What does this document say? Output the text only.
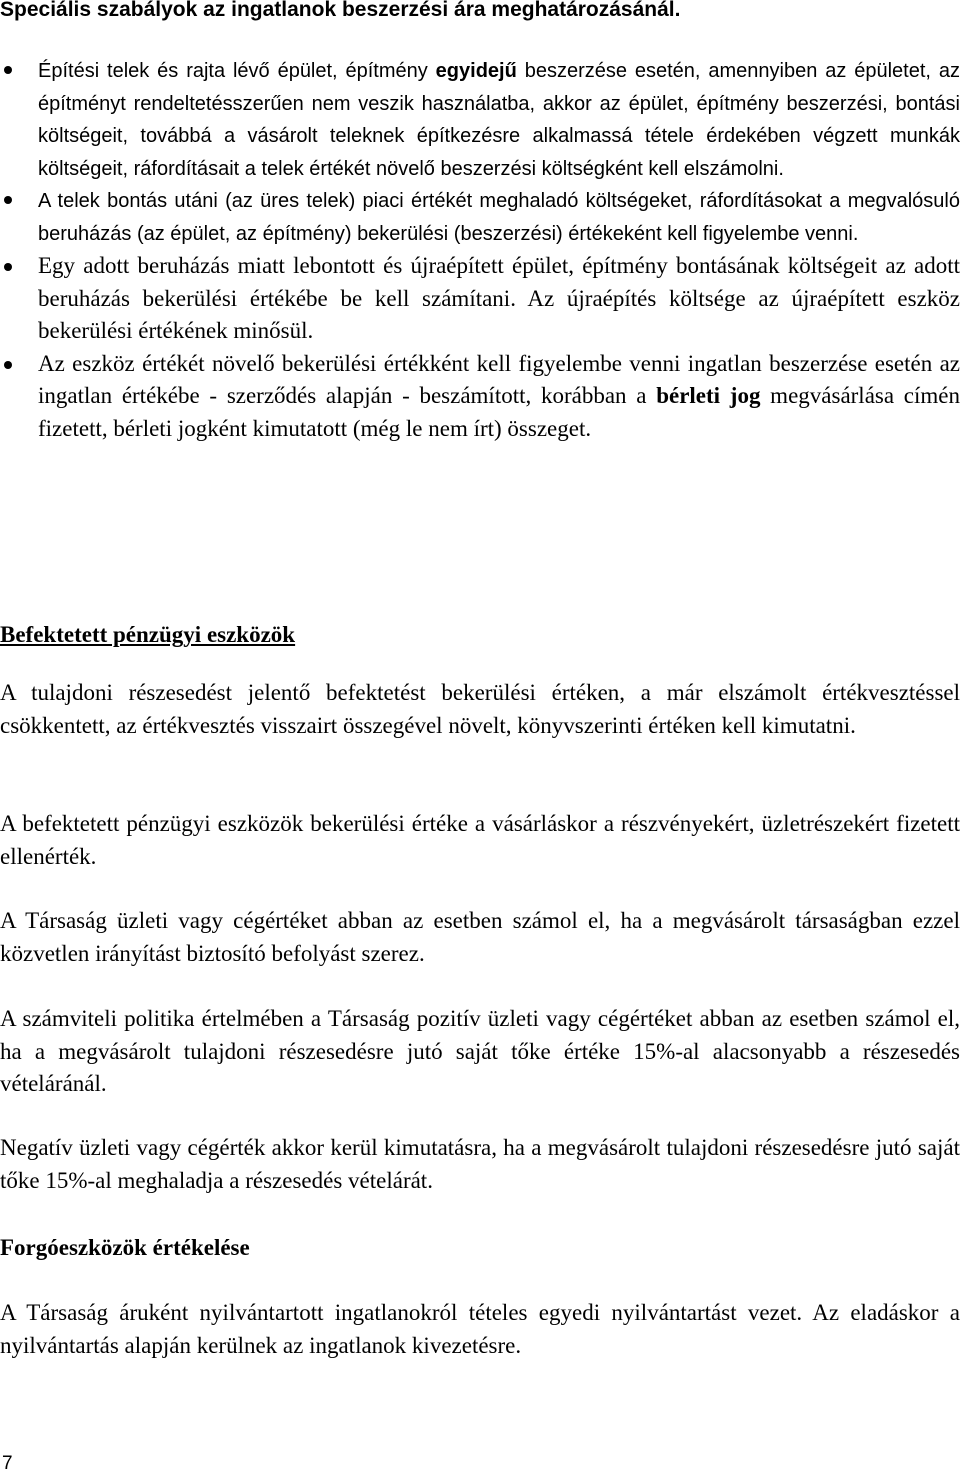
Speciális szabályok az ingatlanok beszerzési ára meghatározásánál.
Építési telek és rajta lévő épület, építmény egyidejű beszerzése esetén, amennyiben az épületet, az építményt rendeltetésszerűen nem veszik használatba, akkor az épület, építmény beszerzési, bontási költségeit, továbbá a vásárolt teleknek építkezésre alkalmassá tétele érdekében végzett munkák költségeit, ráfordításait a telek értékét növelő beszerzési költségként kell elszámolni.
A telek bontás utáni (az üres telek) piaci értékét meghaladó költségeket, ráfordításokat a megvalósuló beruházás (az épület, az építmény) bekerülési (beszerzési) értékeként kell figyelembe venni.
Egy adott beruházás miatt lebontott és újraépített épület, építmény bontásának költségeit az adott beruházás bekerülési értékébe be kell számítani. Az újraépítés költsége az újraépített eszköz bekerülési értékének minősül.
Az eszköz értékét növelő bekerülési értékként kell figyelembe venni ingatlan beszerzése esetén az ingatlan értékébe - szerződés alapján - beszámított, korábban a bérleti jog megvásárlása címén fizetett, bérleti jogként kimutatott (még le nem írt) összeget.
Befektetett pénzügyi eszközök

A tulajdoni részesedést jelentő befektetést bekerülési értéken, a már elszámolt értékvesztéssel csökkentett, az értékvesztés visszairt összegével növelt, könyvszerinti értéken kell kimutatni.

A befektetett pénzügyi eszközök bekerülési értéke a vásárláskor a részvényekért, üzletrészekért fizetett ellenérték.

A Társaság üzleti vagy cégértéket abban az esetben számol el, ha a megvásárolt társaságban ezzel közvetlen irányítást biztosító befolyást szerez.

A számviteli politika értelmében a Társaság pozitív üzleti vagy cégértéket abban az esetben számol el, ha a megvásárolt tulajdoni részesedésre jutó saját tőke értéke 15%-al alacsonyabb a részesedés vételáránál.

Negatív üzleti vagy cégérték akkor kerül kimutatásra, ha a megvásárolt tulajdoni részesedésre jutó saját tőke 15%-al meghaladja a részesedés vételárát.

Forgóeszközök értékelése

A Társaság áruként nyilvántartott ingatlanokról tételes egyedi nyilvántartást vezet. Az eladáskor a nyilvántartás alapján kerülnek az ingatlanok kivezetésre.

7
